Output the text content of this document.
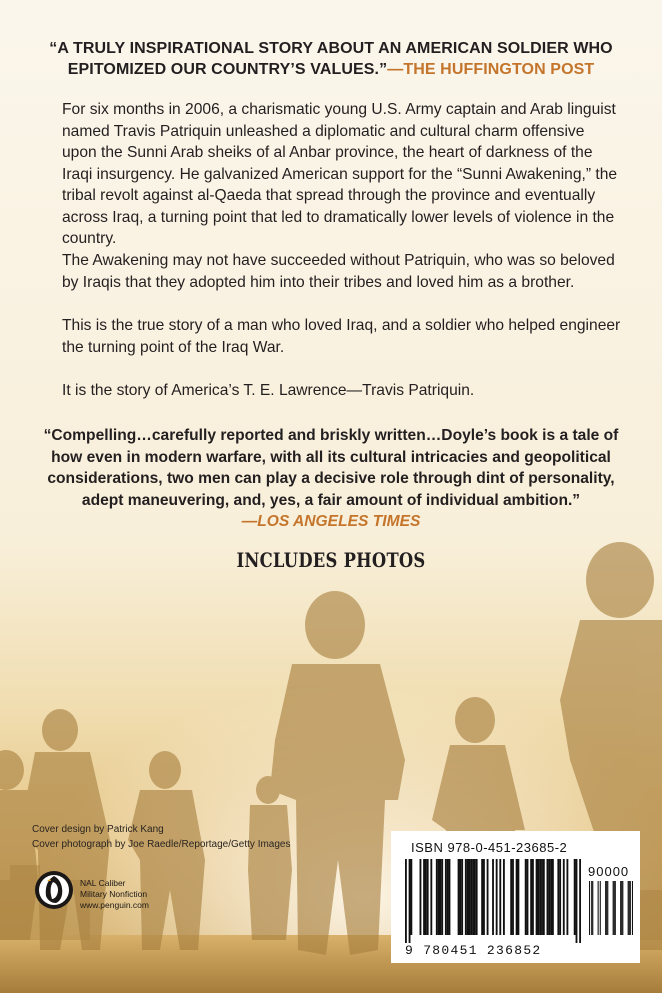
“A TRULY INSPIRATIONAL STORY ABOUT AN AMERICAN SOLDIER WHO EPITOMIZED OUR COUNTRY’S VALUES.”—THE HUFFINGTON POST

For six months in 2006, a charismatic young U.S. Army captain and Arab linguist named Travis Patriquin unleashed a diplomatic and cultural charm offensive upon the Sunni Arab sheiks of al Anbar province, the heart of darkness of the Iraqi insurgency. He galvanized American support for the “Sunni Awakening,” the tribal revolt against al-Qaeda that spread through the province and eventually across Iraq, a turning point that led to dramatically lower levels of violence in the country.

The Awakening may not have succeeded without Patriquin, who was so beloved by Iraqis that they adopted him into their tribes and loved him as a brother.

This is the true story of a man who loved Iraq, and a soldier who helped engineer the turning point of the Iraq War.

It is the story of America’s T. E. Lawrence—Travis Patriquin.

“Compelling…carefully reported and briskly written…Doyle’s book is a tale of how even in modern warfare, with all its cultural intricacies and geopolitical considerations, two men can play a decisive role through dint of personality, adept maneuvering, and, yes, a fair amount of individual ambition.”
—LOS ANGELES TIMES
INCLUDES PHOTOS
Cover design by Patrick Kang
Cover photograph by Joe Raedle/Reportage/Getty Images
NAL Caliber
Military Nonfiction
www.penguin.com
ISBN 978-0-451-23685-2
90000
9 780451 236852
